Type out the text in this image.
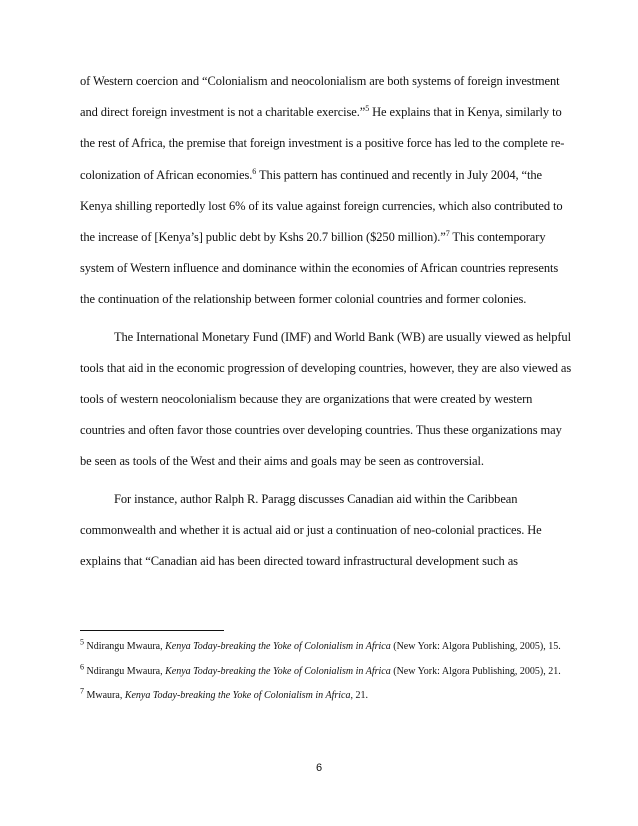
of Western coercion and “Colonialism and neocolonialism are both systems of foreign investment and direct foreign investment is not a charitable exercise.”$^5$ He explains that in Kenya, similarly to the rest of Africa, the premise that foreign investment is a positive force has led to the complete re-colonization of African economies.$^6$ This pattern has continued and recently in July 2004, “the Kenya shilling reportedly lost 6% of its value against foreign currencies, which also contributed to the increase of [Kenya’s] public debt by Kshs 20.7 billion ($250 million).”$^7$ This contemporary system of Western influence and dominance within the economies of African countries represents the continuation of the relationship between former colonial countries and former colonies.

The International Monetary Fund (IMF) and World Bank (WB) are usually viewed as helpful tools that aid in the economic progression of developing countries, however, they are also viewed as tools of western neocolonialism because they are organizations that were created by western countries and often favor those countries over developing countries. Thus these organizations may be seen as tools of the West and their aims and goals may be seen as controversial.

For instance, author Ralph R. Paragg discusses Canadian aid within the Caribbean commonwealth and whether it is actual aid or just a continuation of neo-colonial practices. He explains that “Canadian aid has been directed toward infrastructural development such as

$^5$ Ndirangu Mwaura, Kenya Today-breaking the Yoke of Colonialism in Africa (New York: Algora Publishing, 2005), 15.

$^6$ Ndirangu Mwaura, Kenya Today-breaking the Yoke of Colonialism in Africa (New York: Algora Publishing, 2005), 21.

$^7$ Mwaura, Kenya Today-breaking the Yoke of Colonialism in Africa, 21.

6
